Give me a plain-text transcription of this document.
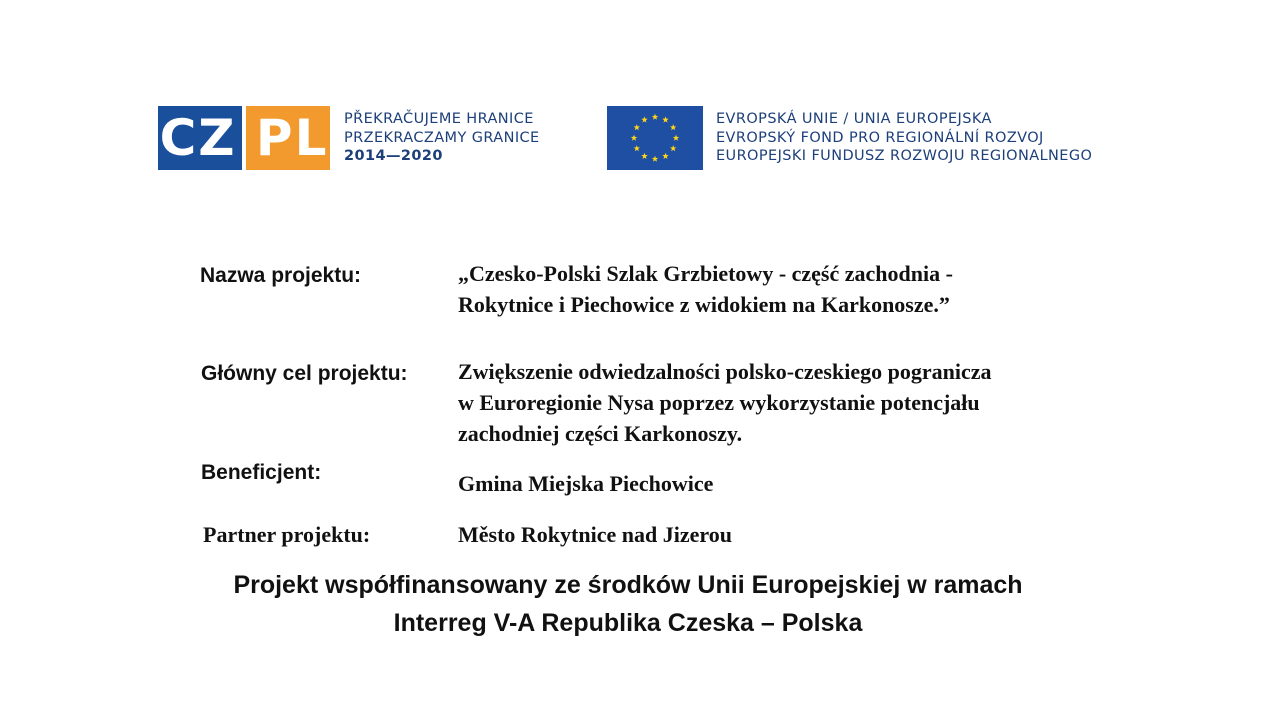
CZ PL PŘEKRAČUJEME HRANICE
PRZEKRACZAMY GRANICE
2014—2020
EVROPSKÁ UNIE / UNIA EUROPEJSKA
EVROPSKÝ FOND PRO REGIONÁLNÍ ROZVOJ
EUROPEJSKI FUNDUSZ ROZWOJU REGIONALNEGO
Nazwa projektu:	„Czesko-Polski Szlak Grzbietowy - część zachodnia -
Rokytnice i Piechowice z widokiem na Karkonosze.”
Główny cel projektu: Zwiększenie odwiedzalności polsko-czeskiego pogranicza
w Euroregionie Nysa poprzez wykorzystanie potencjału
zachodniej części Karkonoszy.
Beneficjent:	Gmina Miejska Piechowice
Partner projektu:	Město Rokytnice nad Jizerou
Projekt współfinansowany ze środków Unii Europejskiej w ramach
Interreg V-A Republika Czeska – Polska
